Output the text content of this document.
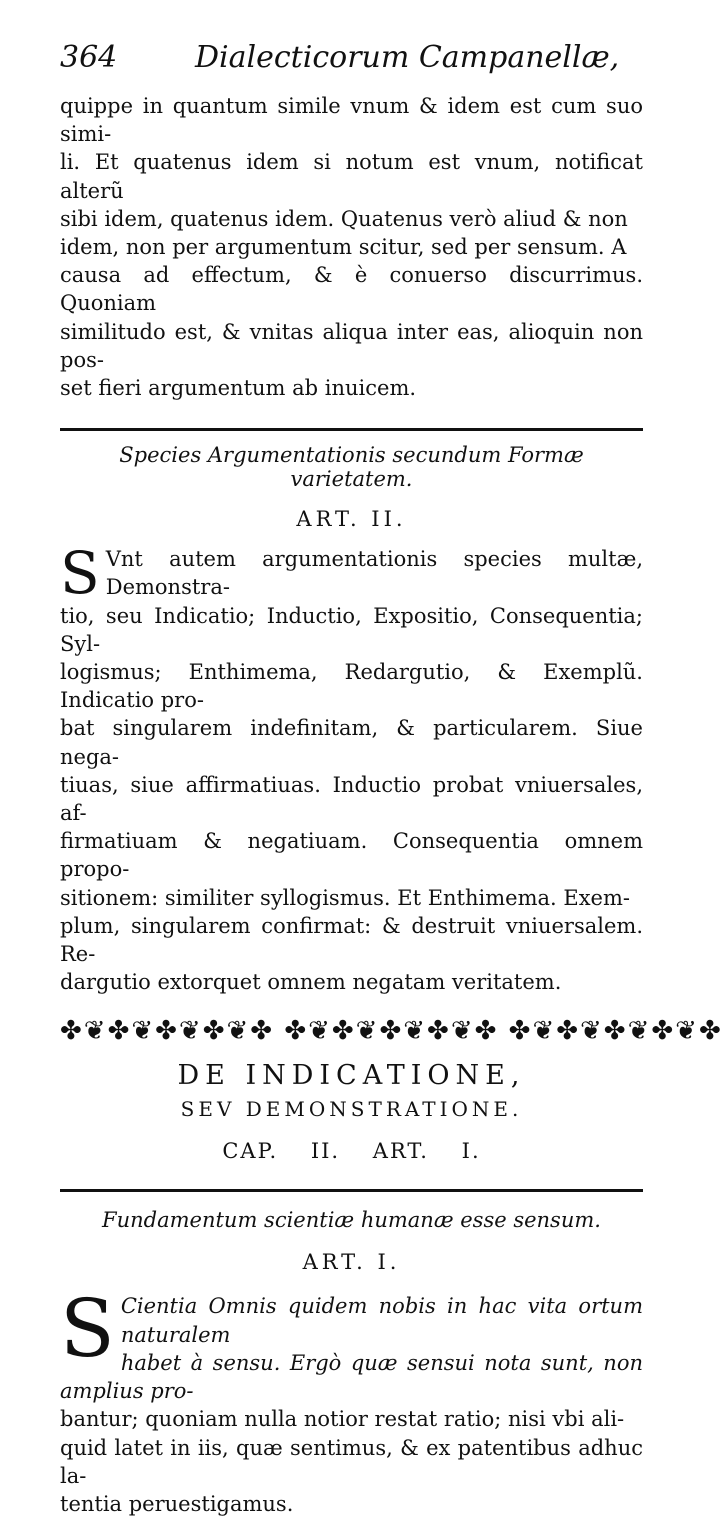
364	Dialecticorum Campanellæ,

quippe in quantum simile vnum & idem est cum suo simi-

li. Et quatenus idem si notum est vnum, notificat alterũ

sibi idem, quatenus idem. Quatenus verò aliud & non

idem, non per argumentum scitur, sed per sensum. A

causa ad effectum, & è conuerso discurrimus. Quoniam

similitudo est, & vnitas aliqua inter eas, alioquin non pos-

set fieri argumentum ab inuicem.

Species Argumentationis secundum Formæ varietatem.
ART. II.
S Vnt autem argumentationis species multæ, Demonstra-

tio, seu Indicatio; Inductio, Expositio, Consequentia; Syl-

logismus; Enthimema, Redargutio, & Exemplũ. Indicatio pro-

bat singularem indefinitam, & particularem. Siue nega-

tiuas, siue affirmatiuas. Inductio probat vniuersales, af-

firmatiuam & negatiuam. Consequentia omnem propo-

sitionem: similiter syllogismus. Et Enthimema. Exem-

plum, singularem confirmat: & destruit vniuersalem. Re-

dargutio extorquet omnem negatam veritatem.

✤❦✤❦✤❦✤❦✤ ✤❦✤❦✤❦✤❦✤ ✤❦✤❦✤❦✤❦✤
DE INDICATIONE,
SEV DEMONSTRATIONE.
CAP. II. ART. I.
Fundamentum scientiæ humanæ esse sensum.
ART. I.
S Cientia Omnis quidem nobis in hac vita ortum naturalem

habet à sensu. Ergò quæ sensui nota sunt, non amplius pro-

bantur; quoniam nulla notior restat ratio; nisi vbi ali-

quid latet in iis, quæ sentimus, & ex patentibus adhuc la-

tentia peruestigamus.
